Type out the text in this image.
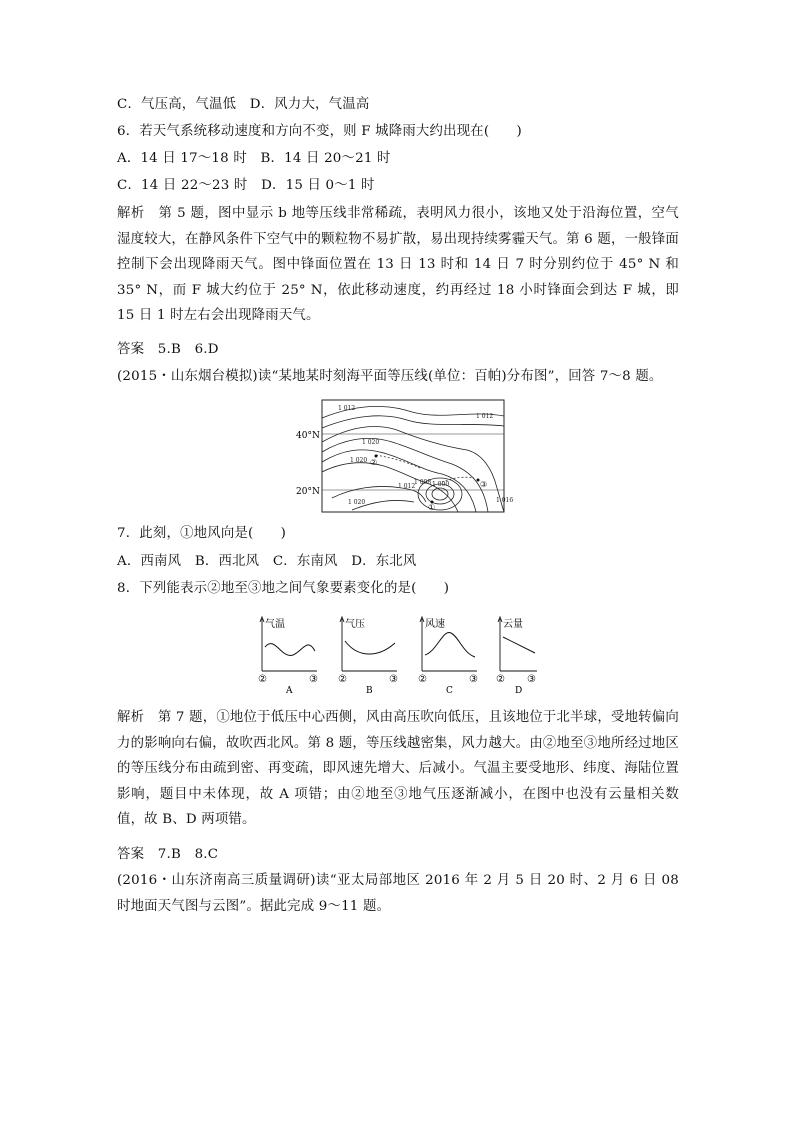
C．气压高，气温低　D．风力大，气温高
6．若天气系统移动速度和方向不变，则 F 城降雨大约出现在(　　)
A．14 日 17～18 时　B．14 日 20～21 时
C．14 日 22～23 时　D．15 日 0～1 时

解析　第 5 题，图中显示 b 地等压线非常稀疏，表明风力很小，该地又处于沿海位置，空气湿度较大，在静风条件下空气中的颗粒物不易扩散，易出现持续雾霾天气。第 6 题，一般锋面控制下会出现降雨天气。图中锋面位置在 13 日 13 时和 14 日 7 时分别约位于 45° N 和 35° N，而 F 城大约位于 25° N，依此移动速度，约再经过 18 小时锋面会到达 F 城，即 15 日 1 时左右会出现降雨天气。

答案　5.B　6.D
(2015・山东烟台模拟)读“某地某时刻海平面等压线(单位：百帕)分布图”，回答 7～8 题。
40°N
20°N
1 012
1 012
1 020
1 020
1 020
1 012
1 008 1 000
1 016
①
②
③
7．此刻，①地风向是(　　)
A．西南风　B．西北风　C．东南风　D．东北风
8．下列能表示②地至③地之间气象要素变化的是(　　)
气温
②	③
A
气压
②	③
B
风速
②	③
C
云量
② ③
D

解析　第 7 题，①地位于低压中心西侧，风由高压吹向低压，且该地位于北半球，受地转偏向力的影响向右偏，故吹西北风。第 8 题，等压线越密集，风力越大。由②地至③地所经过地区的等压线分布由疏到密、再变疏，即风速先增大、后减小。气温主要受地形、纬度、海陆位置影响，题目中未体现，故 A 项错；由②地至③地气压逐渐减小，在图中也没有云量相关数值，故 B、D 两项错。

答案　7.B　8.C

(2016・山东济南高三质量调研)读“亚太局部地区 2016 年 2 月 5 日 20 时、2 月 6 日 08 时地面天气图与云图”。据此完成 9～11 题。
